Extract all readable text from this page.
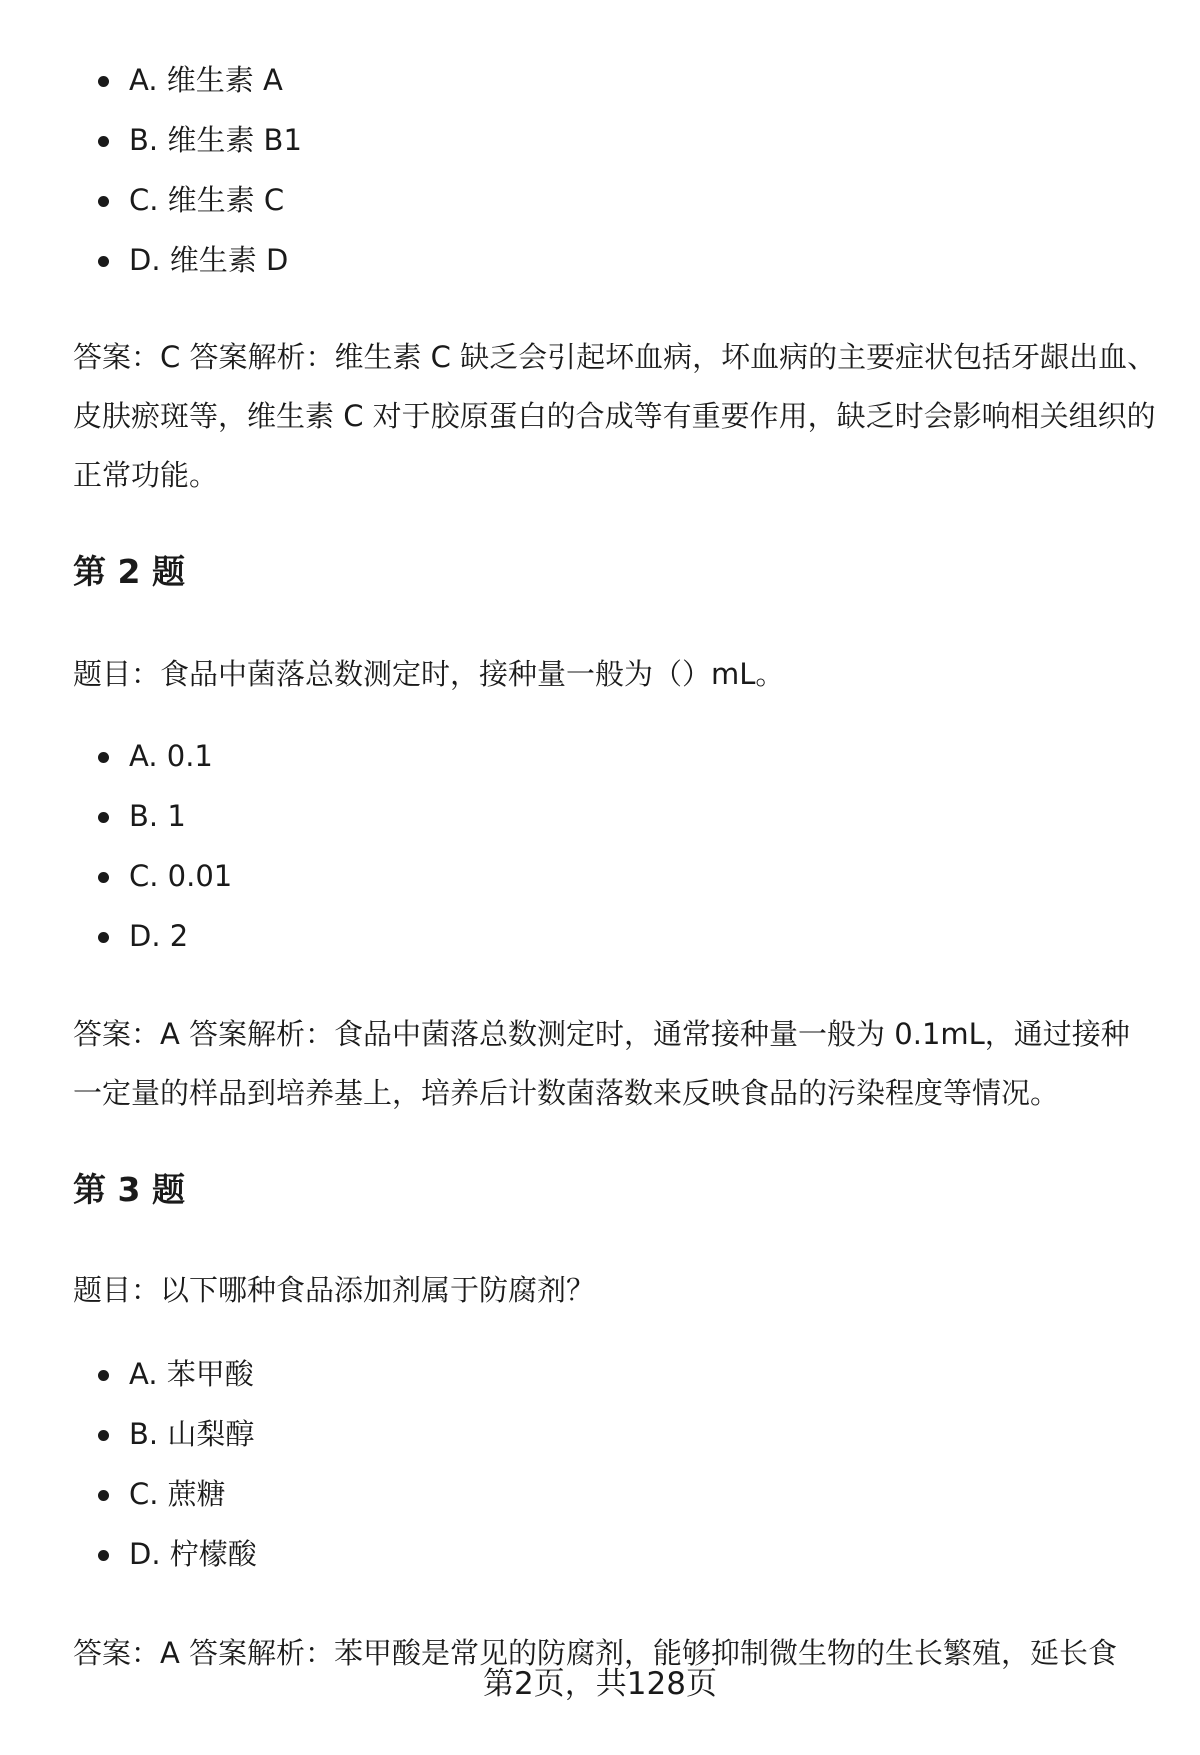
A. 维生素 A
B. 维生素 B1
C. 维生素 C
D. 维生素 D

答案：C 答案解析：维生素 C 缺乏会引起坏血病，坏血病的主要症状包括牙龈出血、皮肤瘀斑等，维生素 C 对于胶原蛋白的合成等有重要作用，缺乏时会影响相关组织的正常功能。

第 2 题

题目：食品中菌落总数测定时，接种量一般为（）mL。

A. 0.1
B. 1
C. 0.01
D. 2

答案：A 答案解析：食品中菌落总数测定时，通常接种量一般为 0.1mL，通过接种一定量的样品到培养基上，培养后计数菌落数来反映食品的污染程度等情况。

第 3 题

题目：以下哪种食品添加剂属于防腐剂？

A. 苯甲酸
B. 山梨醇
C. 蔗糖
D. 柠檬酸

答案：A 答案解析：苯甲酸是常见的防腐剂，能够抑制微生物的生长繁殖，延长食

第2页，共128页
